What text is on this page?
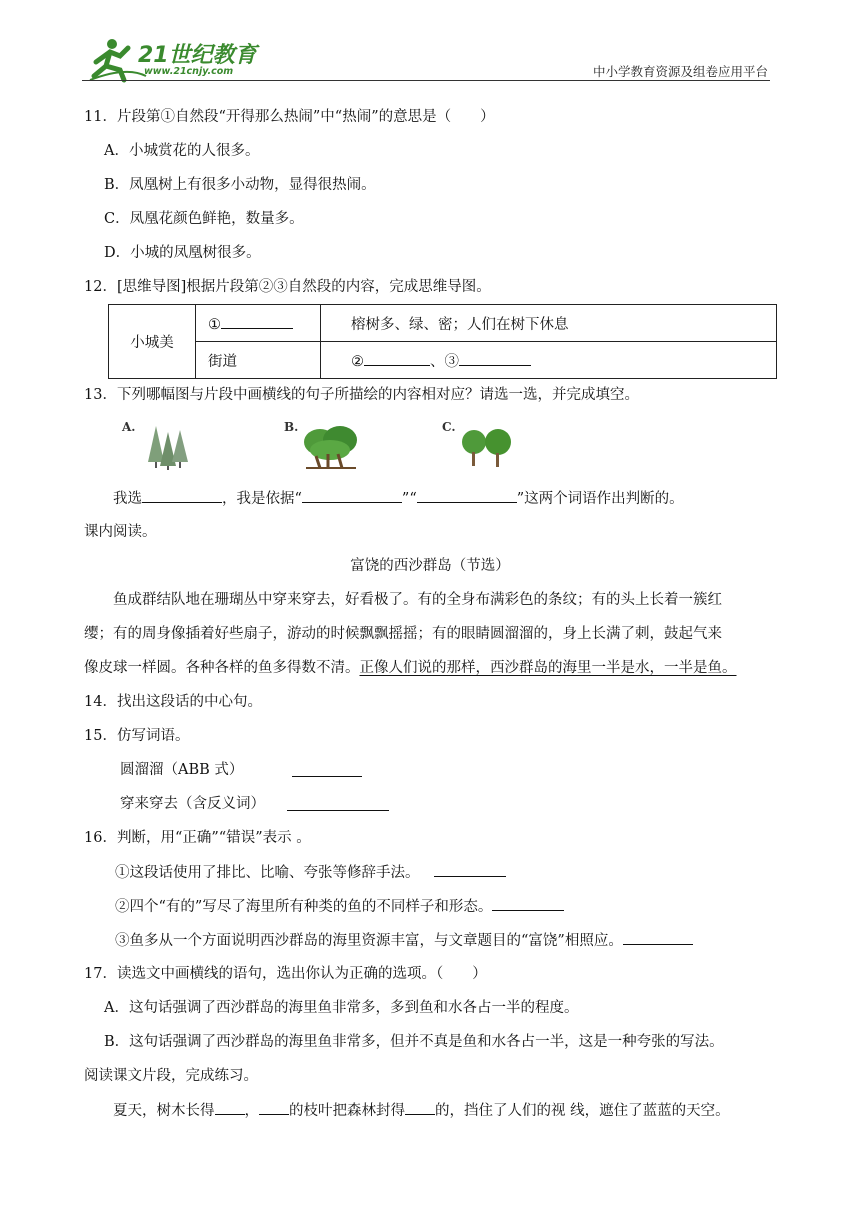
21世纪教育
www.21cnjy.com	中小学教育资源及组卷应用平台
11．片段第①自然段“开得那么热闹”中“热闹”的意思是（　　）
A．小城赏花的人很多。
B．凤凰树上有很多小动物，显得很热闹。
C．凤凰花颜色鲜艳，数量多。
D．小城的凤凰树很多。
12．[思维导图]根据片段第②③自然段的内容，完成思维导图。
小城美	①	榕树多、绿、密；人们在树下休息
	街道	② 、③
13．下列哪幅图与片段中画横线的句子所描绘的内容相对应？请选一选，并完成填空。
A.	B.	C.
我选	，我是依据“	”“	”这两个词语作出判断的。
课内阅读。
富饶的西沙群岛（节选）
鱼成群结队地在珊瑚丛中穿来穿去，好看极了。有的全身布满彩色的条纹；有的头上长着一簇红
缨；有的周身像插着好些扇子，游动的时候飘飘摇摇；有的眼睛圆溜溜的，身上长满了刺，鼓起气来
像皮球一样圆。各种各样的鱼多得数不清。正像人们说的那样，西沙群岛的海里一半是水，一半是鱼。
14．找出这段话的中心句。
15．仿写词语。
圆溜溜（ABB 式）
穿来穿去（含反义词）
16．判断，用“正确”“错误”表示 。
①这段话使用了排比、比喻、夸张等修辞手法。
②四个“有的”写尽了海里所有种类的鱼的不同样子和形态。
③鱼多从一个方面说明西沙群岛的海里资源丰富，与文章题目的“富饶”相照应。
17．读选文中画横线的语句，选出你认为正确的选项。（　　）
A．这句话强调了西沙群岛的海里鱼非常多，多到鱼和水各占一半的程度。
B．这句话强调了西沙群岛的海里鱼非常多，但并不真是鱼和水各占一半，这是一种夸张的写法。
阅读课文片段，完成练习。
夏天，树木长得 ， 的枝叶把森林封得 的，挡住了人们的视 线，遮住了蓝蓝的天空。
